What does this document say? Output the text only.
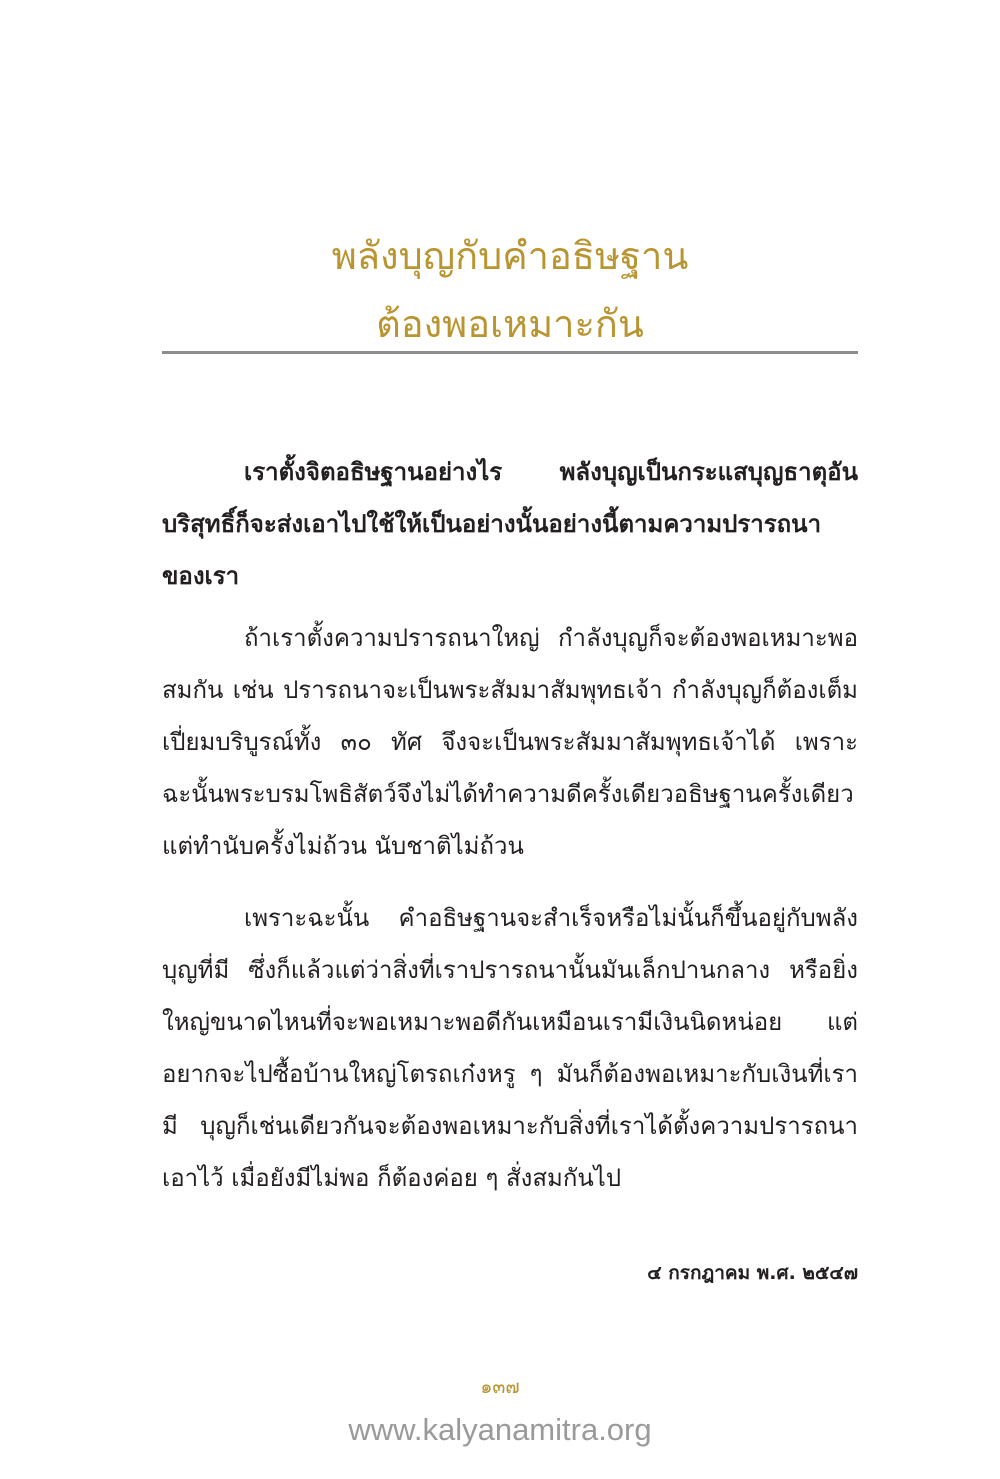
พลังบุญกับคำอธิษฐาน
ต้องพอเหมาะกัน

เราตั้งจิตอธิษฐานอย่างไร พลังบุญเป็นกระแสบุญธาตุอันบริสุทธิ์ก็จะส่งเอาไปใช้ให้เป็นอย่างนั้นอย่างนี้ตามความปรารถนาของเรา

ถ้าเราตั้งความปรารถนาใหญ่ กำลังบุญก็จะต้องพอเหมาะพอสมกัน เช่น ปรารถนาจะเป็นพระสัมมาสัมพุทธเจ้า กำลังบุญก็ต้องเต็มเปี่ยมบริบูรณ์ทั้ง ๓๐ ทัศ จึงจะเป็นพระสัมมาสัมพุทธเจ้าได้ เพราะฉะนั้นพระบรมโพธิสัตว์จึงไม่ได้ทำความดีครั้งเดียวอธิษฐานครั้งเดียว แต่ทำนับครั้งไม่ถ้วน นับชาติไม่ถ้วน

เพราะฉะนั้น คำอธิษฐานจะสำเร็จหรือไม่นั้นก็ขึ้นอยู่กับพลังบุญที่มี ซึ่งก็แล้วแต่ว่าสิ่งที่เราปรารถนานั้นมันเล็กปานกลาง หรือยิ่งใหญ่ขนาดไหนที่จะพอเหมาะพอดีกันเหมือนเรามีเงินนิดหน่อย แต่อยากจะไปซื้อบ้านใหญ่โตรถเก๋งหรู ๆ มันก็ต้องพอเหมาะกับเงินที่เรามี บุญก็เช่นเดียวกันจะต้องพอเหมาะกับสิ่งที่เราได้ตั้งความปรารถนาเอาไว้ เมื่อยังมีไม่พอ ก็ต้องค่อย ๆ สั่งสมกันไป

๔ กรกฎาคม พ.ศ. ๒๕๔๗
๑๓๗
www.kalyanamitra.org
